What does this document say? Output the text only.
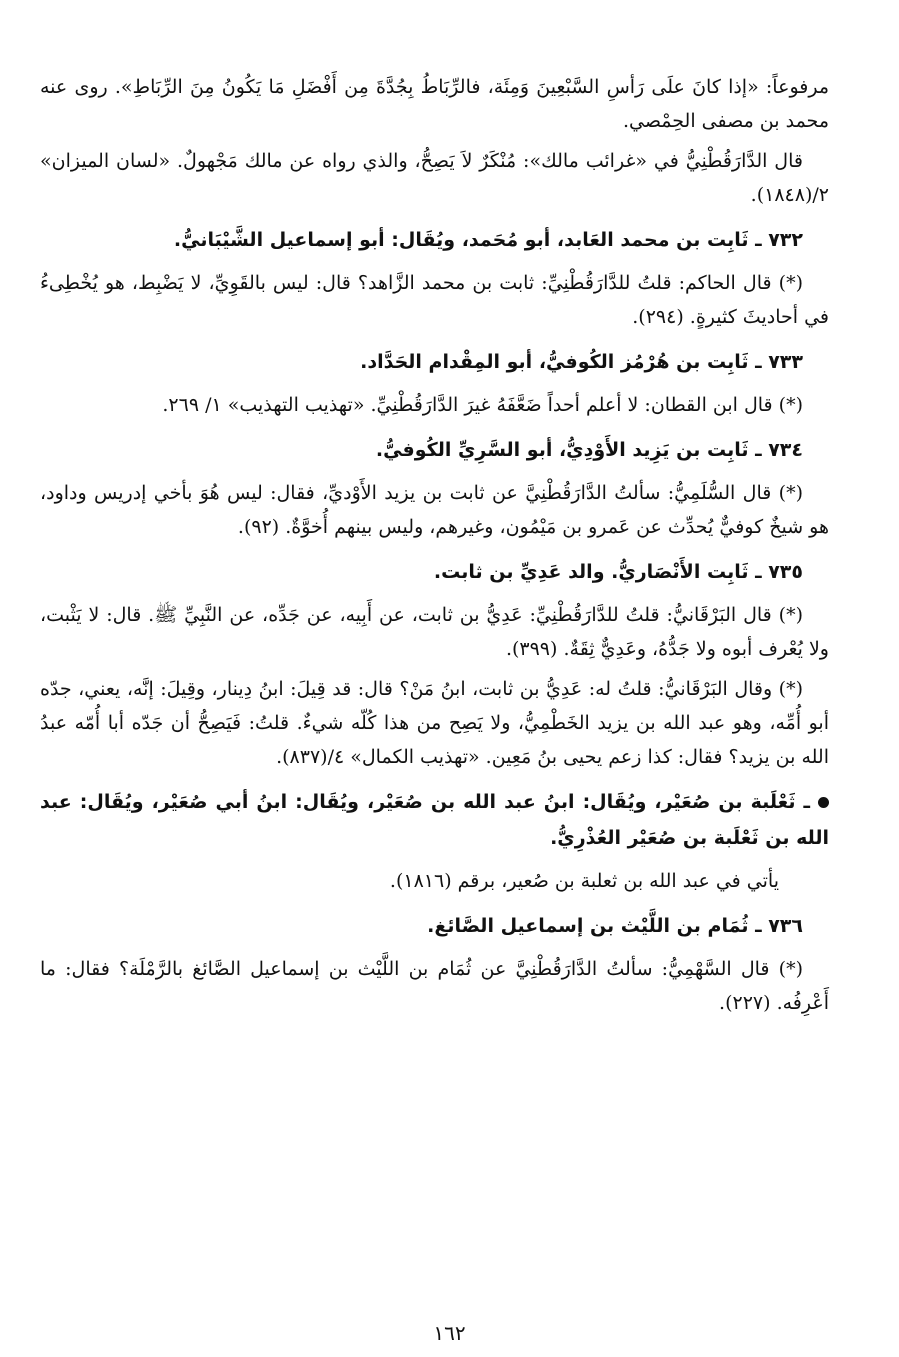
مرفوعاً: «إذا كانَ علَى رَأسِ السَّبْعِينَ وَمِئَة، فالرِّبَاطُ بِجُدَّةَ مِن أَفْضَلِ مَا يَكُونُ مِنَ الرِّبَاطِ». روى عنه محمد بن مصفى الحِمْصي.

قال الدَّارَقُطْنِيُّ في «غرائب مالك»: مُنْكَرٌ لاَ يَصِحُّ، والذي رواه عن مالك مَجْهولٌ. «لسان الميزان» ٢/(١٨٤٨).

٧٣٢ ـ ثَابِت بن محمد العَابد، أبو مُحَمد، ويُقَال: أبو إسماعيل الشَّيْبَانيُّ.

(*) قال الحاكم: قلتُ للدَّارَقُطْنِيِّ: ثابت بن محمد الزَّاهد؟ قال: ليس بالقَوِيِّ، لا يَضْبِط، هو يُخْطِىءُ في أحاديثَ كثيرةٍ. (٢٩٤).

٧٣٣ ـ ثَابِت بن هُرْمُز الكُوفيُّ، أبو المِقْدام الحَدَّاد.

(*) قال ابن القطان: لا أعلم أحداً ضَعَّفَهُ غيرَ الدَّارَقُطْنِيِّ. «تهذيب التهذيب» ١/ ٢٦٩.

٧٣٤ ـ ثَابِت بن يَزِيد الأَوْدِيُّ، أبو السَّرِيِّ الكُوفيُّ.

(*) قال السُّلَمِيُّ: سألتُ الدَّارَقُطْنِيَّ عن ثابت بن يزيد الأَوْديِّ، فقال: ليس هُوَ بأخي إدريس وداود، هو شيخٌ كوفيٌّ يُحدِّث عن عَمرو بن مَيْمُون، وغيرهم، وليس بينهم أُخوَّةٌ. (٩٢).

٧٣٥ ـ ثَابِت الأَنْصَاريُّ. والد عَدِيِّ بن ثابت.

(*) قال البَرْقَانيُّ: قلتُ للدَّارَقُطْنِيِّ: عَدِيُّ بن ثابت، عن أَبِيه، عن جَدِّه، عن النَّبِيِّ ﷺ. قال: لا يَثْبت، ولا يُعْرف أبوه ولا جَدُّهُ، وعَدِيٌّ ثِقَةٌ. (٣٩٩).

(*) وقال البَرْقَانيُّ: قلتُ له: عَدِيُّ بن ثابت، ابنُ مَنْ؟ قال: قد قِيلَ: ابنُ دِينار، وقِيلَ: إنَّه، يعني، جدّه أبو أُمِّه، وهو عبد الله بن يزيد الخَطْمِيُّ، ولا يَصِح من هذا كُلّه شيءٌ. قلتُ: فَيَصِحُّ أن جَدّه أبا أُمّه عبدُ الله بن يزيد؟ فقال: كذا زعم يحيى بنُ مَعِين. «تهذيب الكمال» ٤/(٨٣٧).

ـ ثَعْلَبة بن صُعَيْر، ويُقَال: ابنُ عبد الله بن صُعَيْر، ويُقَال: ابنُ أبي صُعَيْر، ويُقَال: عبد الله بن ثَعْلَبة بن صُعَيْر العُذْرِيُّ.

يأتي في عبد الله بن ثعلبة بن صُعير، برقم (١٨١٦).

٧٣٦ ـ ثُمَام بن اللَّيْث بن إسماعيل الصَّائغ.

(*) قال السَّهْمِيُّ: سألتُ الدَّارَقُطْنِيَّ عن ثُمَام بن اللَّيْث بن إسماعيل الصَّائغ بالرَّمْلَة؟ فقال: ما أَعْرِفُه. (٢٢٧).

١٦٢
